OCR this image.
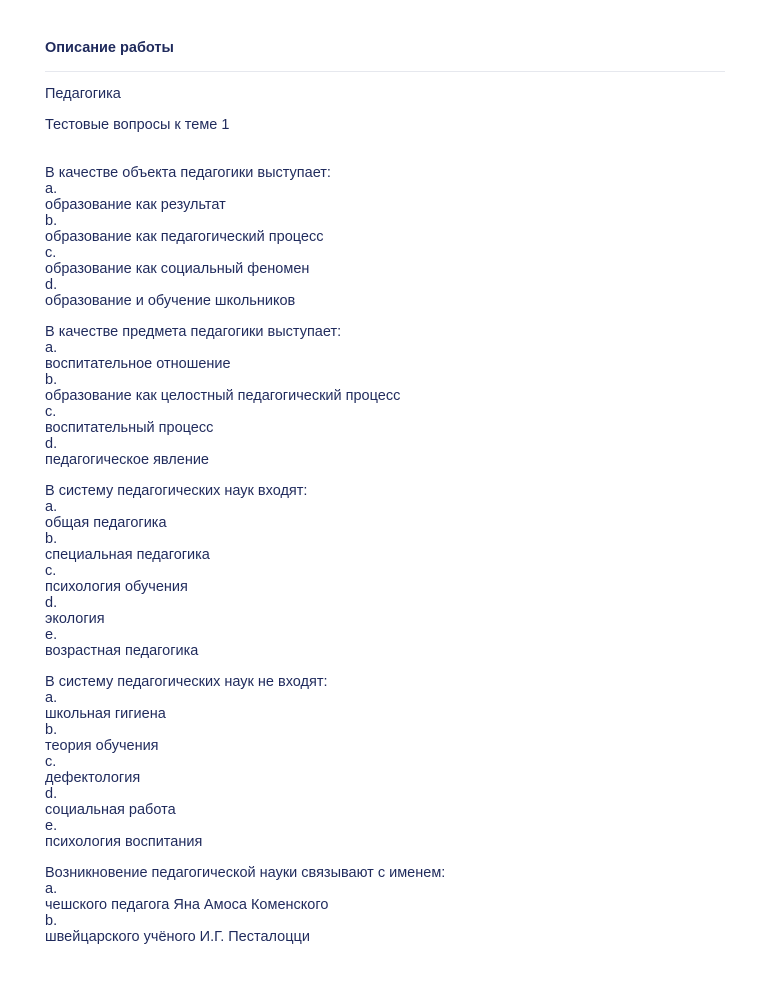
Описание работы
Педагогика
Тестовые вопросы к теме 1
В качестве объекта педагогики выступает:
a.
образование как результат
b.
образование как педагогический процесс
c.
образование как социальный феномен
d.
образование и обучение школьников
В качестве предмета педагогики выступает:
a.
воспитательное отношение
b.
образование как целостный педагогический процесс
c.
воспитательный процесс
d.
педагогическое явление
В систему педагогических наук входят:
a.
общая педагогика
b.
специальная педагогика
c.
психология обучения
d.
экология
e.
возрастная педагогика
В систему педагогических наук не входят:
a.
школьная гигиена
b.
теория обучения
c.
дефектология
d.
социальная работа
e.
психология воспитания
Возникновение педагогической науки связывают с именем:
a.
чешского педагога Яна Амоса Коменского
b.
швейцарского учёного И.Г. Песталоцци
